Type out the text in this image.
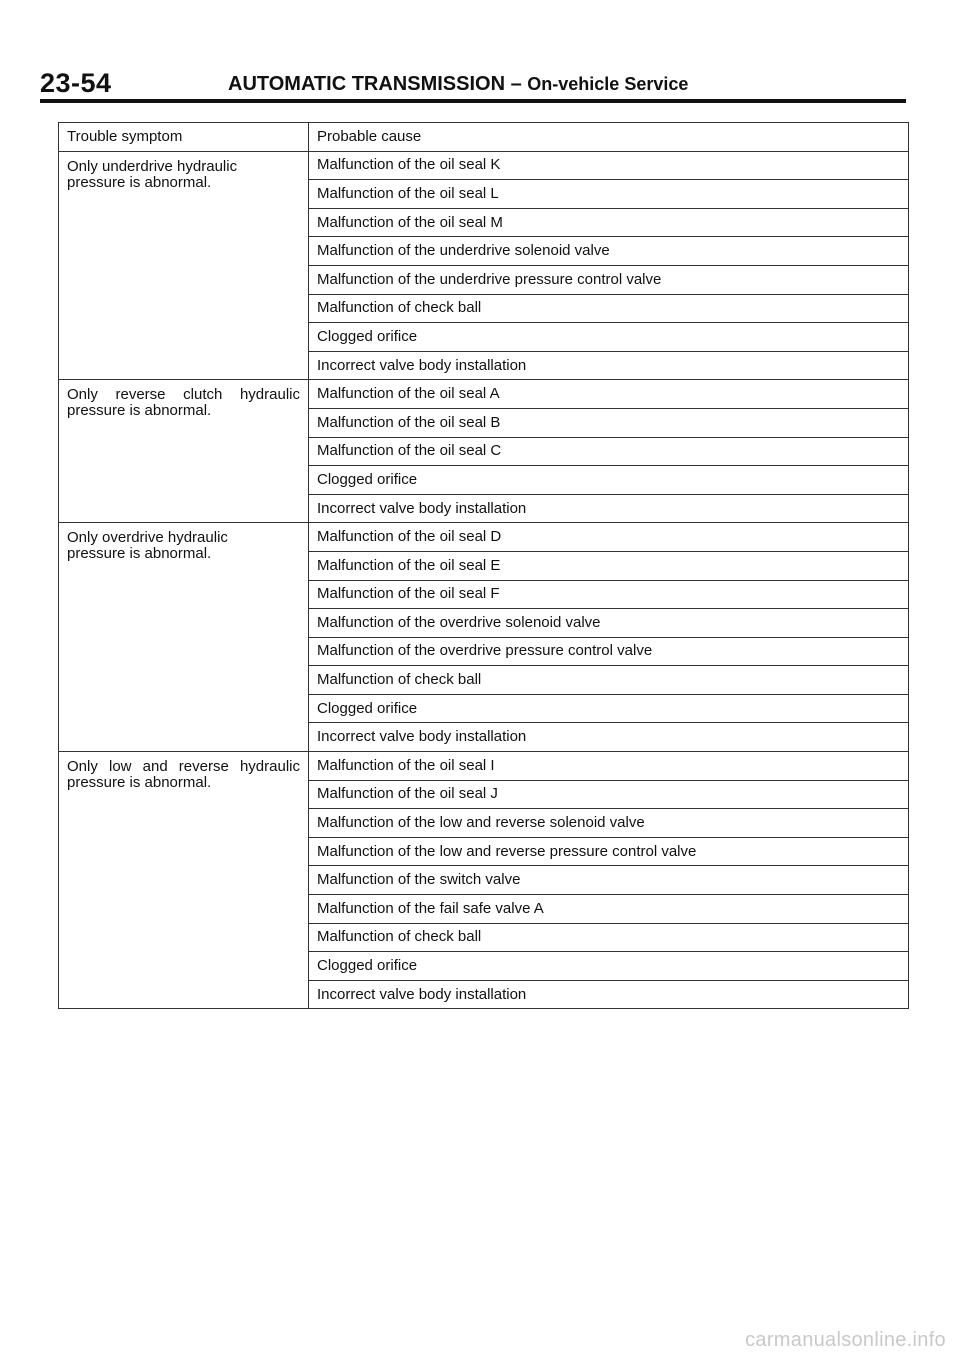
23-54	AUTOMATIC TRANSMISSION – On-vehicle Service
Trouble symptom	Probable cause

Only underdrive hydraulic
pressure is abnormal.	Malfunction of the oil seal K
	Malfunction of the oil seal L
	Malfunction of the oil seal M
	Malfunction of the underdrive solenoid valve
	Malfunction of the underdrive pressure control valve
	Malfunction of check ball
	Clogged orifice
	Incorrect valve body installation

Only reverse clutch hydraulic
pressure is abnormal.	Malfunction of the oil seal A
	Malfunction of the oil seal B
	Malfunction of the oil seal C
	Clogged orifice
	Incorrect valve body installation

Only overdrive hydraulic
pressure is abnormal.	Malfunction of the oil seal D
	Malfunction of the oil seal E
	Malfunction of the oil seal F
	Malfunction of the overdrive solenoid valve
	Malfunction of the overdrive pressure control valve
	Malfunction of check ball
	Clogged orifice
	Incorrect valve body installation

Only low and reverse hydraulic
pressure is abnormal.	Malfunction of the oil seal I
	Malfunction of the oil seal J
	Malfunction of the low and reverse solenoid valve
	Malfunction of the low and reverse pressure control valve
	Malfunction of the switch valve
	Malfunction of the fail safe valve A
	Malfunction of check ball
	Clogged orifice
	Incorrect valve body installation
carmanualsonline.info
